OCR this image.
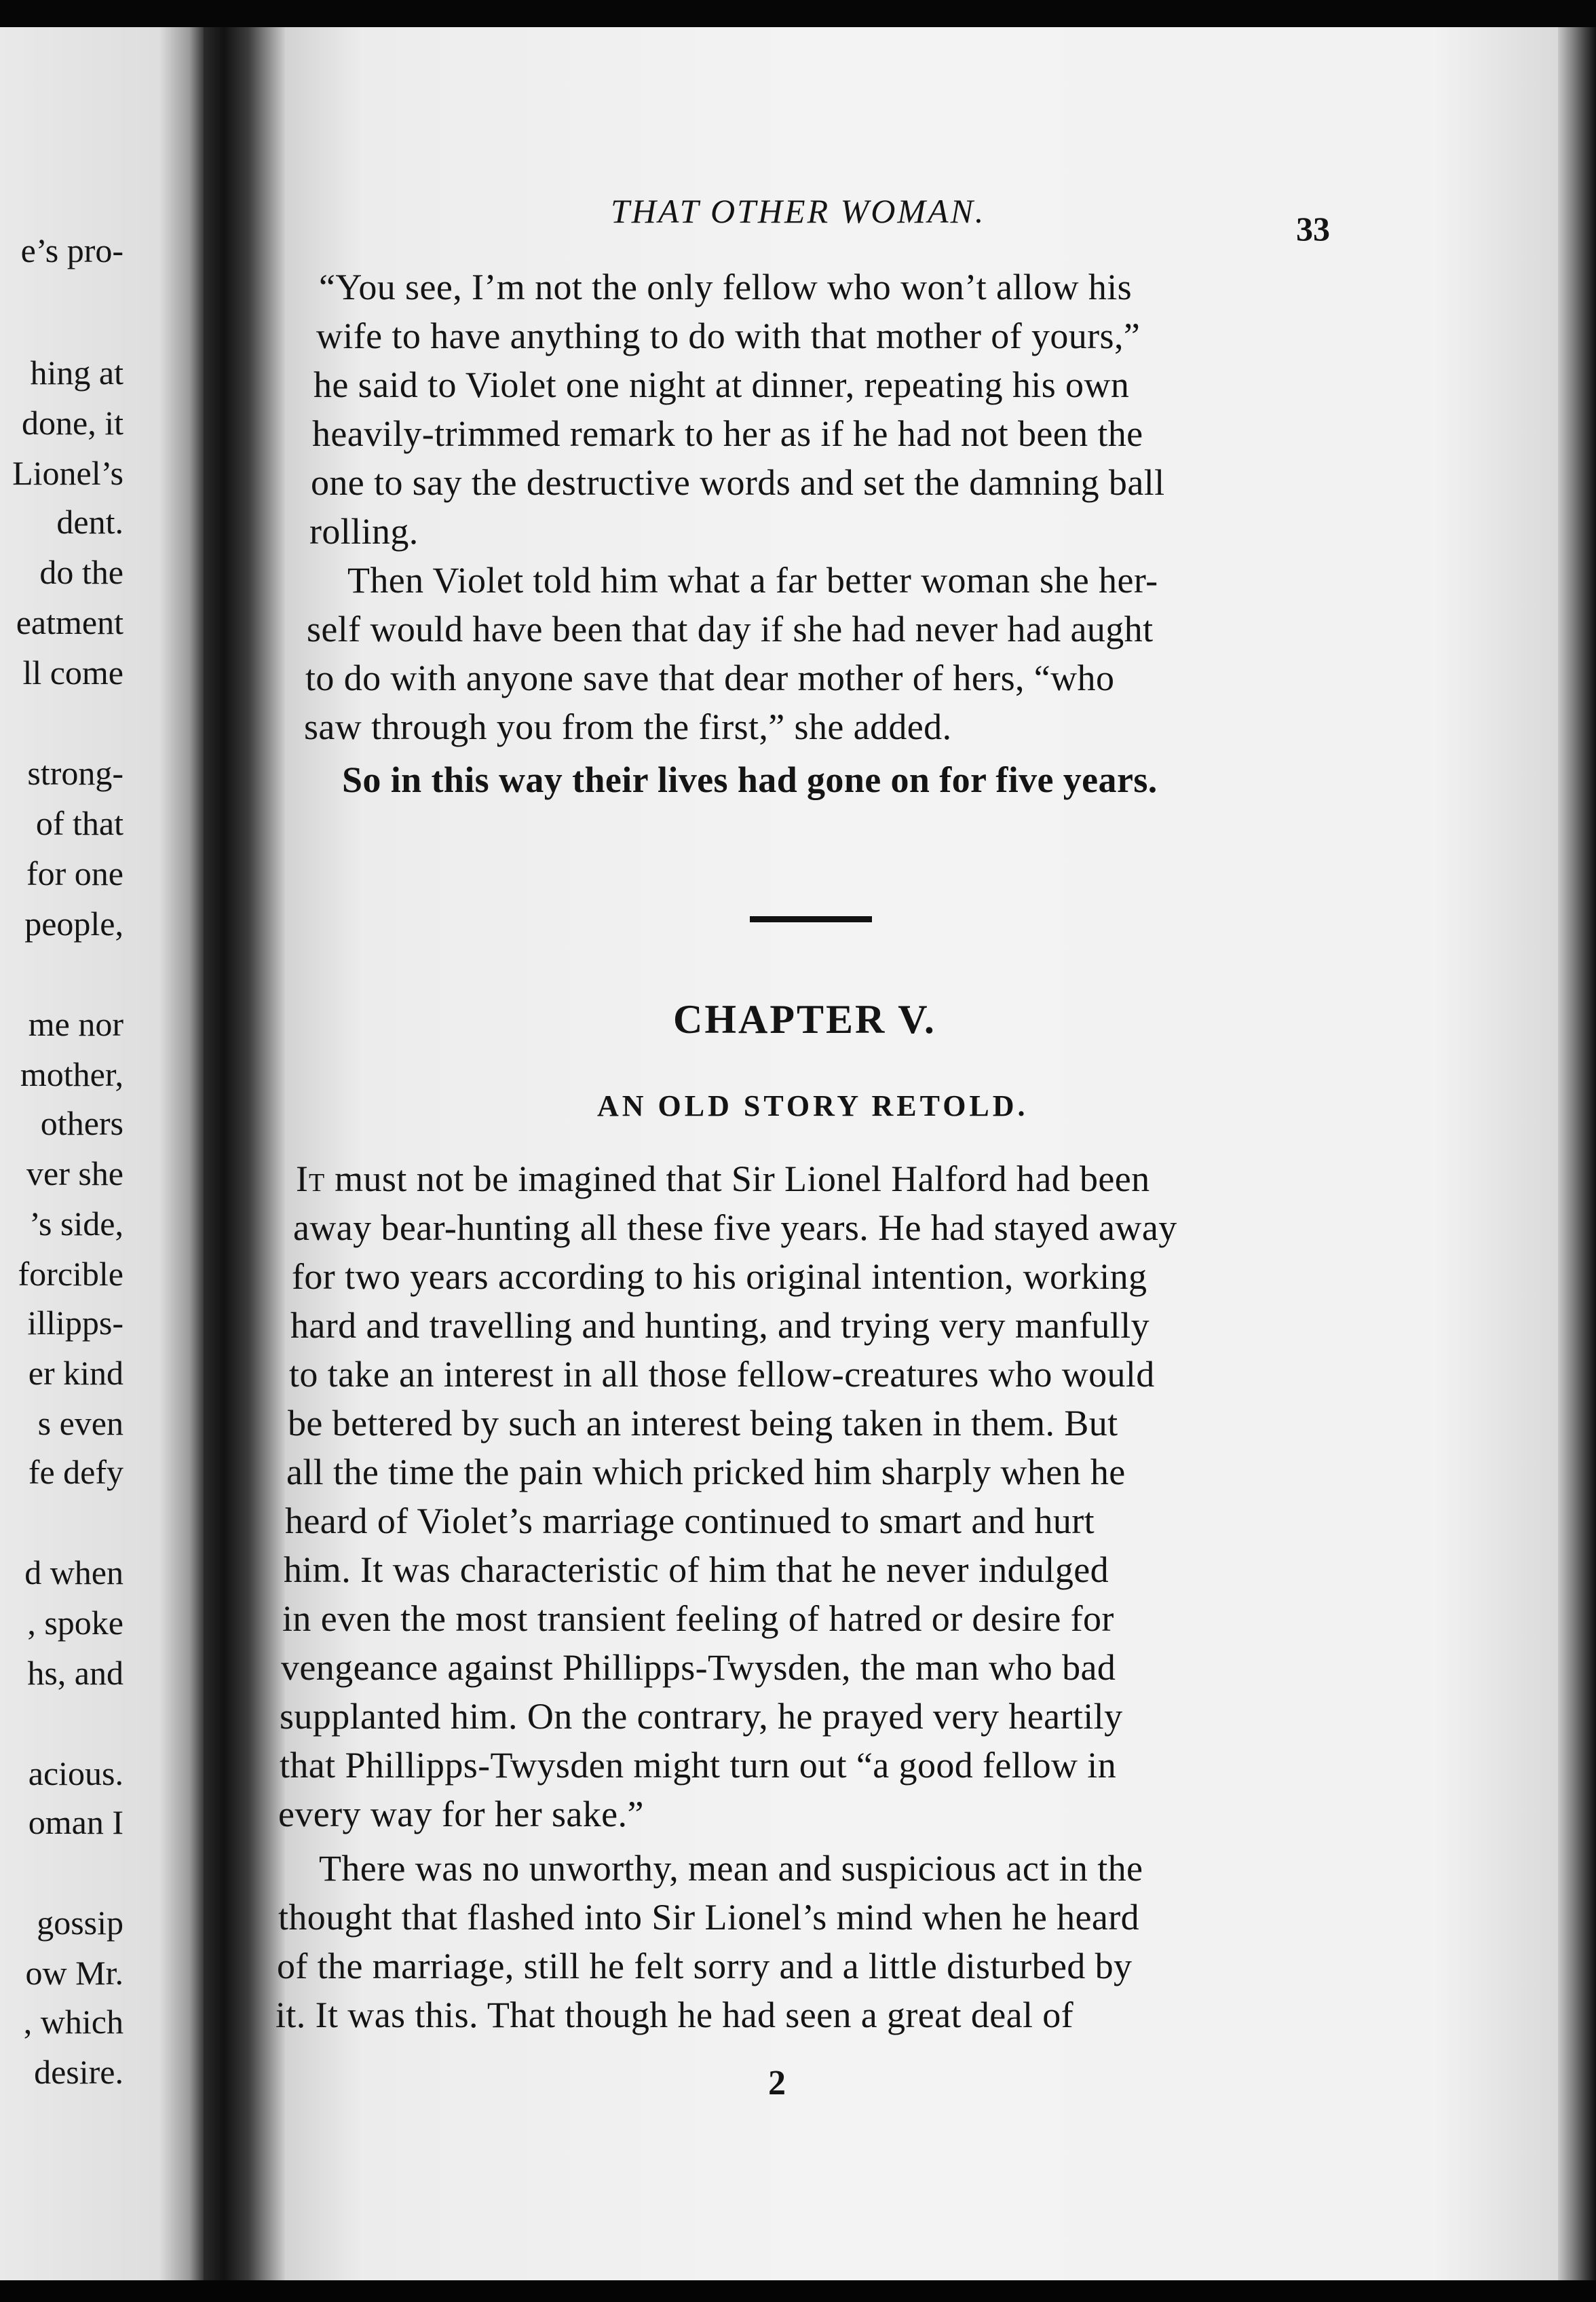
e’s pro-
hing at
done, it
Lionel’s
dent.
do the
eatment
ll come
strong-
of that
for one
people,
me nor
mother,
others
ver she
’s side,
forcible
illipps-
er kind
s even
fe defy
d when
, spoke
hs, and
acious.
oman I
gossip
ow Mr.
, which
desire.
THAT OTHER WOMAN.	33
“You see, I’m not the only fellow who won’t allow his
wife to have anything to do with that mother of yours,”
he said to Violet one night at dinner, repeating his own
heavily-trimmed remark to her as if he had not been the
one to say the destructive words and set the damning ball
rolling.
Then Violet told him what a far better woman she her-
self would have been that day if she had never had aught
to do with anyone save that dear mother of hers, “who
saw through you from the first,” she added.
So in this way their lives had gone on for five years.
CHAPTER V.
AN OLD STORY RETOLD.
It must not be imagined that Sir Lionel Halford had been
away bear-hunting all these five years. He had stayed away
for two years according to his original intention, working
hard and travelling and hunting, and trying very manfully
to take an interest in all those fellow-creatures who would
be bettered by such an interest being taken in them. But
all the time the pain which pricked him sharply when he
heard of Violet’s marriage continued to smart and hurt
him. It was characteristic of him that he never indulged
in even the most transient feeling of hatred or desire for
vengeance against Phillipps-Twysden, the man who bad
supplanted him. On the contrary, he prayed very heartily
that Phillipps-Twysden might turn out “a good fellow in
every way for her sake.”
There was no unworthy, mean and suspicious act in the
thought that flashed into Sir Lionel’s mind when he heard
of the marriage, still he felt sorry and a little disturbed by
it. It was this. That though he had seen a great deal of
2
